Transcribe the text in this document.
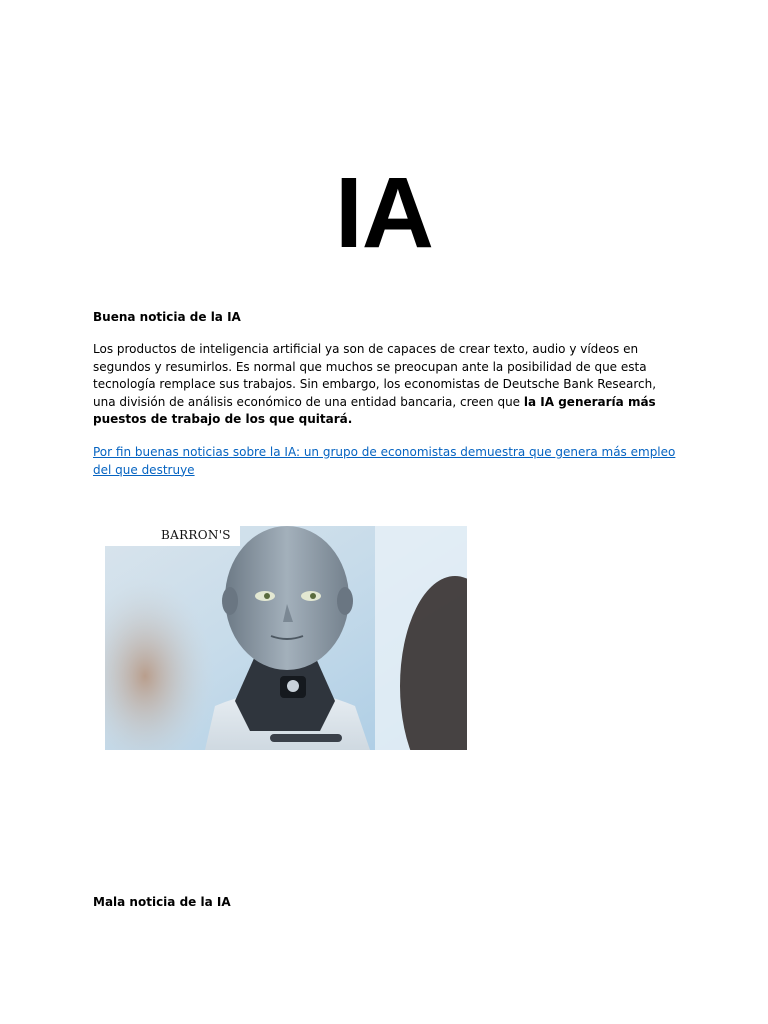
IA
Buena noticia de la IA
Los productos de inteligencia artificial ya son de capaces de crear texto, audio y vídeos en segundos y resumirlos. Es normal que muchos se preocupan ante la posibilidad de que esta tecnología remplace sus trabajos. Sin embargo, los economistas de Deutsche Bank Research, una división de análisis económico de una entidad bancaria, creen que la IA generaría más puestos de trabajo de los que quitará.
Por fin buenas noticias sobre la IA: un grupo de economistas demuestra que genera más empleo del que destruye
BARRON'S
Mala noticia de la IA
